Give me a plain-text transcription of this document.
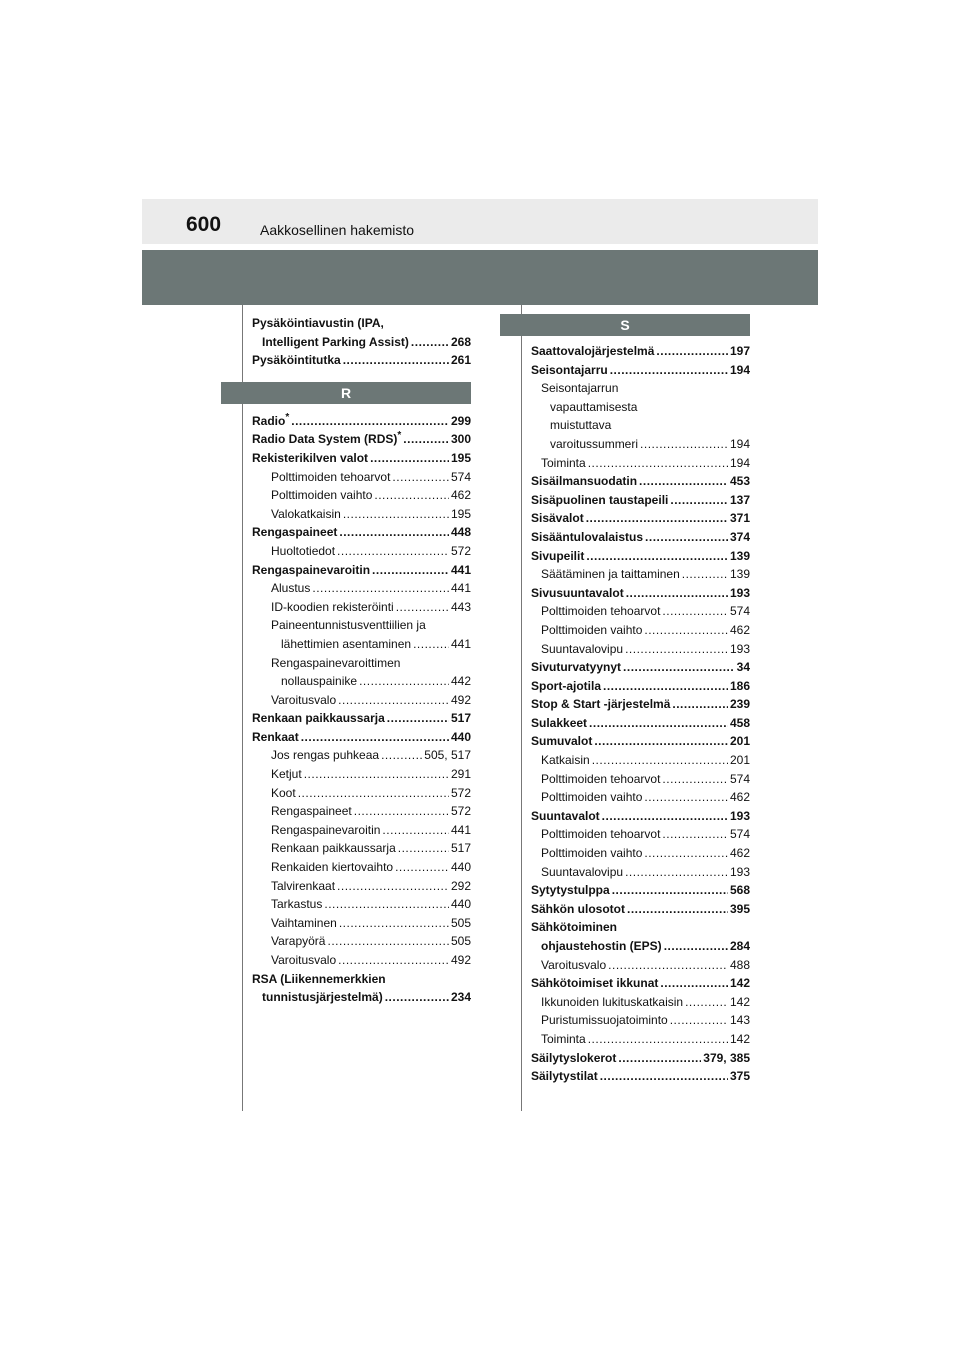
600	Aakkosellinen hakemisto
Pysäköintiavustin (IPA,
Intelligent Parking Assist) .....	268
Pysäköintitutka .....	261
R
Radio* .....	299
Radio Data System (RDS)* .....	300
Rekisterikilven valot .....	195
Polttimoiden tehoarvot .....	574
Polttimoiden vaihto .....	462
Valokatkaisin .....	195
Rengaspaineet .....	448
Huoltotiedot .....	572
Rengaspainevaroitin .....	441
Alustus .....	441
ID-koodien rekisteröinti .....	443
Paineentunnistusventtiilien ja
lähettimien asentaminen .....	441
Rengaspainevaroittimen
nollauspainike .....	442
Varoitusvalo .....	492
Renkaan paikkaussarja .....	517
Renkaat .....	440
Jos rengas puhkeaa .....	505, 517
Ketjut .....	291
Koot .....	572
Rengaspaineet .....	572
Rengaspainevaroitin .....	441
Renkaan paikkaussarja .....	517
Renkaiden kiertovaihto .....	440
Talvirenkaat .....	292
Tarkastus .....	440
Vaihtaminen .....	505
Varapyörä .....	505
Varoitusvalo .....	492
RSA (Liikennemerkkien
tunnistusjärjestelmä) .....	234
S
Saattovalojärjestelmä .....	197
Seisontajarru .....	194
Seisontajarrun
vapauttamisesta
muistuttava
varoitussummeri .....	194
Toiminta .....	194
Sisäilmansuodatin .....	453
Sisäpuolinen taustapeili .....	137
Sisävalot .....	371
Sisääntulovalaistus .....	374
Sivupeilit .....	139
Säätäminen ja taittaminen .....	139
Sivusuuntavalot .....	193
Polttimoiden tehoarvot .....	574
Polttimoiden vaihto .....	462
Suuntavalovipu .....	193
Sivuturvatyynyt .....	34
Sport-ajotila .....	186
Stop & Start -järjestelmä .....	239
Sulakkeet .....	458
Sumuvalot .....	201
Katkaisin .....	201
Polttimoiden tehoarvot .....	574
Polttimoiden vaihto .....	462
Suuntavalot .....	193
Polttimoiden tehoarvot .....	574
Polttimoiden vaihto .....	462
Suuntavalovipu .....	193
Sytytystulppa .....	568
Sähkön ulosotot .....	395
Sähkötoiminen
ohjaustehostin (EPS) .....	284
Varoitusvalo .....	488
Sähkötoimiset ikkunat .....	142
Ikkunoiden lukituskatkaisin .....	142
Puristumissuojatoiminto .....	143
Toiminta .....	142
Säilytyslokerot .....	379, 385
Säilytystilat .....	375
